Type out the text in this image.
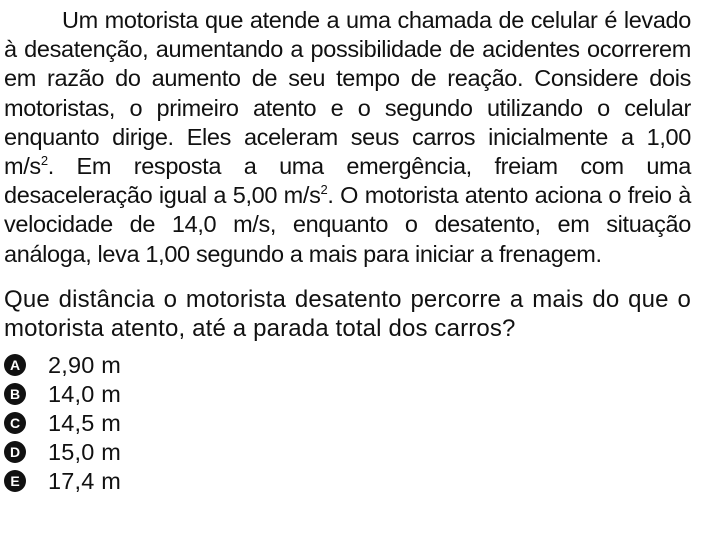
Um motorista que atende a uma chamada de celular é levado à desatenção, aumentando a possibilidade de acidentes ocorrerem em razão do aumento de seu tempo de reação. Considere dois motoristas, o primeiro atento e o segundo utilizando o celular enquanto dirige. Eles aceleram seus carros inicialmente a 1,00 $m/s^2$. Em resposta a uma emergência, freiam com uma desaceleração igual a 5,00 $m/s^2$. O motorista atento aciona o freio à velocidade de 14,0 m/s, enquanto o desatento, em situação análoga, leva 1,00 segundo a mais para iniciar a frenagem.

Que distância o motorista desatento percorre a mais do que o motorista atento, até a parada total dos carros?

A 2,90 m
B 14,0 m
C 14,5 m
D 15,0 m
E 17,4 m
